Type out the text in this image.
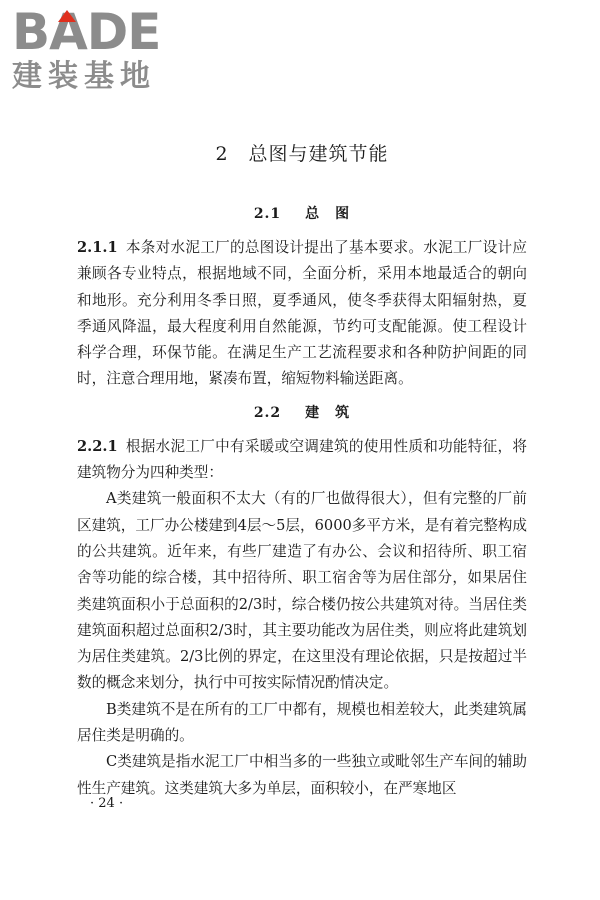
BADE
建装基地
2　总图与建筑节能
2.1 总　图

2.1.1 本条对水泥工厂的总图设计提出了基本要求。水泥工厂设计应兼顾各专业特点，根据地域不同，全面分析，采用本地最适合的朝向和地形。充分利用冬季日照，夏季通风，使冬季获得太阳辐射热，夏季通风降温，最大程度利用自然能源，节约可支配能源。使工程设计科学合理，环保节能。在满足生产工艺流程要求和各种防护间距的同时，注意合理用地，紧凑布置，缩短物料输送距离。

2.2 建　筑

2.2.1 根据水泥工厂中有采暖或空调建筑的使用性质和功能特征，将建筑物分为四种类型：

A类建筑一般面积不太大（有的厂也做得很大），但有完整的厂前区建筑，工厂办公楼建到4层～5层，6000多平方米，是有着完整构成的公共建筑。近年来，有些厂建造了有办公、会议和招待所、职工宿舍等功能的综合楼，其中招待所、职工宿舍等为居住部分，如果居住类建筑面积小于总面积的2/3时，综合楼仍按公共建筑对待。当居住类建筑面积超过总面积2/3时，其主要功能改为居住类，则应将此建筑划为居住类建筑。2/3比例的界定，在这里没有理论依据，只是按超过半数的概念来划分，执行中可按实际情况酌情决定。

B类建筑不是在所有的工厂中都有，规模也相差较大，此类建筑属居住类是明确的。

C类建筑是指水泥工厂中相当多的一些独立或毗邻生产车间的辅助性生产建筑。这类建筑大多为单层，面积较小，在严寒地区

· 24 ·
